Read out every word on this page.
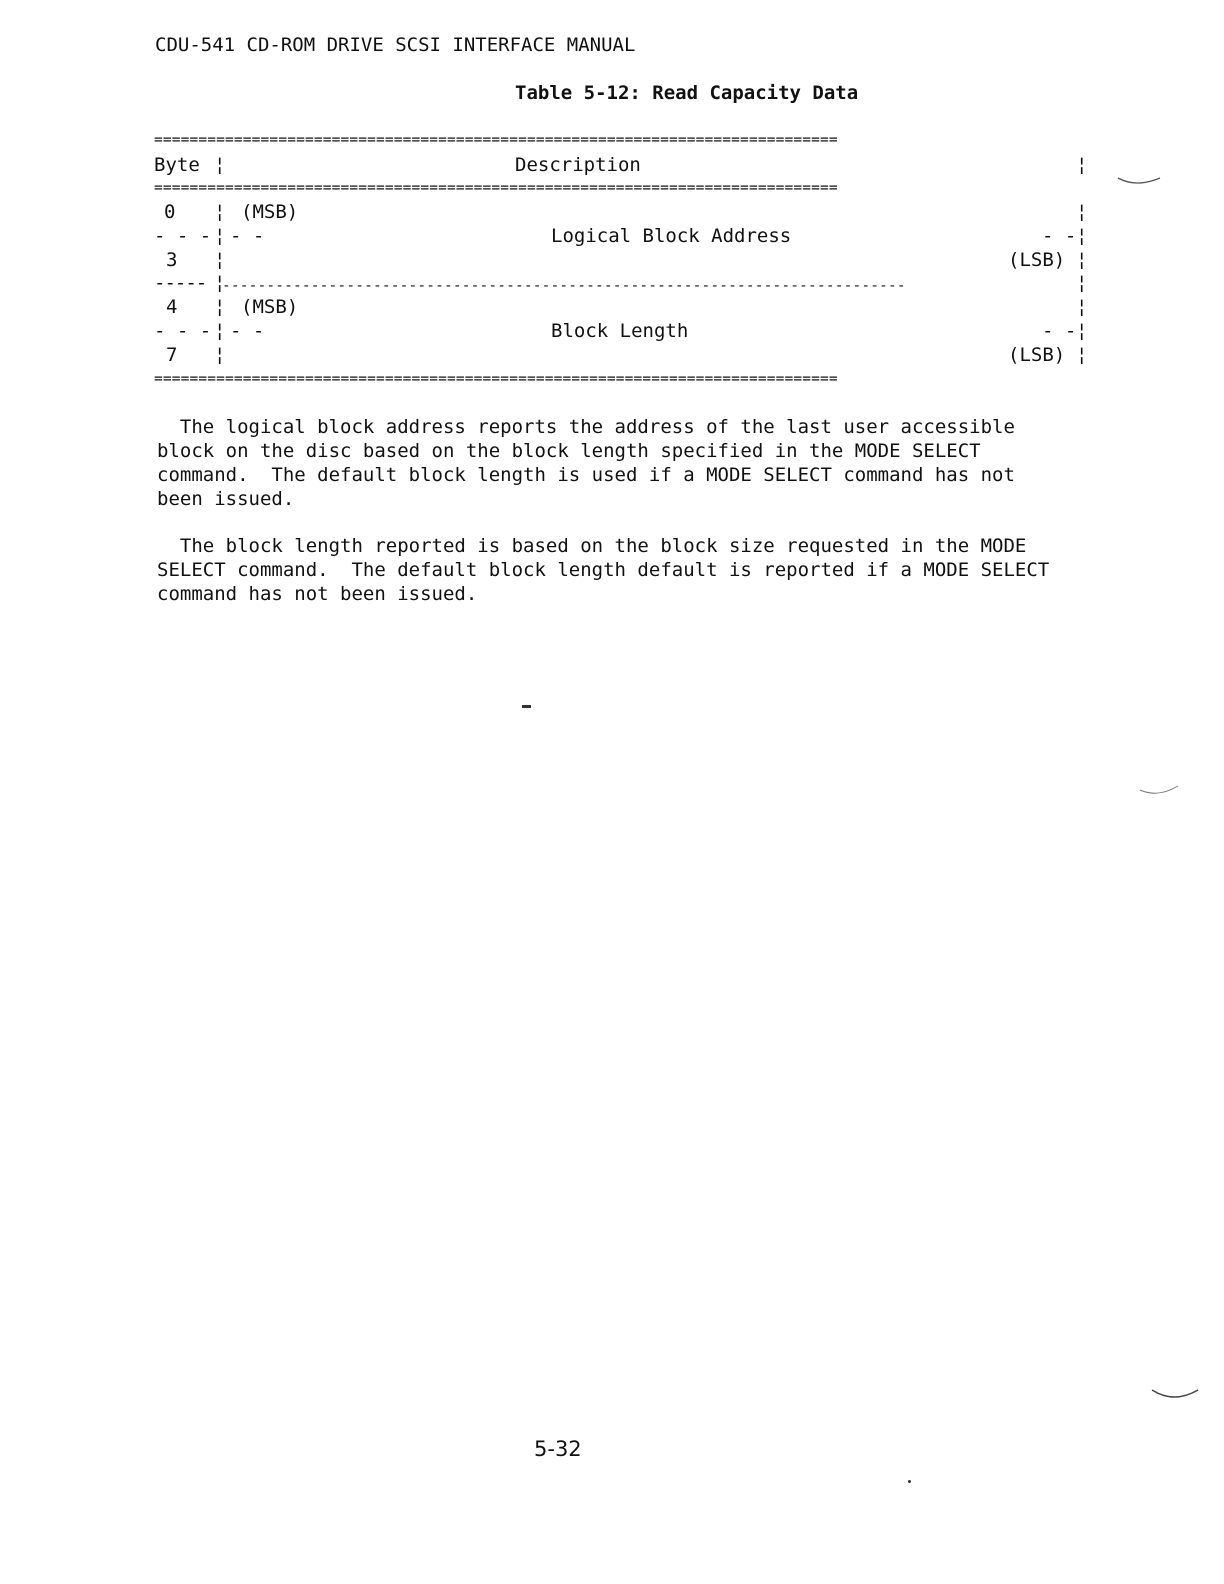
CDU-541 CD-ROM DRIVE SCSI INTERFACE MANUAL
Table 5-12: Read Capacity Data
=============================================================================
Byte ¦	Description	¦
=============================================================================
0 ¦ (MSB)	¦
- - - ¦ - -	Logical Block Address	- - ¦
3 ¦	(LSB) ¦
----- ¦
-----------------------------------------------------------------------------	¦
4 ¦ (MSB)	¦
- - - ¦ - -	Block Length	- - ¦
7 ¦	(LSB) ¦
=============================================================================
The logical block address reports the address of the last user accessible
block on the disc based on the block length specified in the MODE SELECT
command.  The default block length is used if a MODE SELECT command has not
been issued.
The block length reported is based on the block size requested in the MODE
SELECT command.  The default block length default is reported if a MODE SELECT
command has not been issued.
5-32
